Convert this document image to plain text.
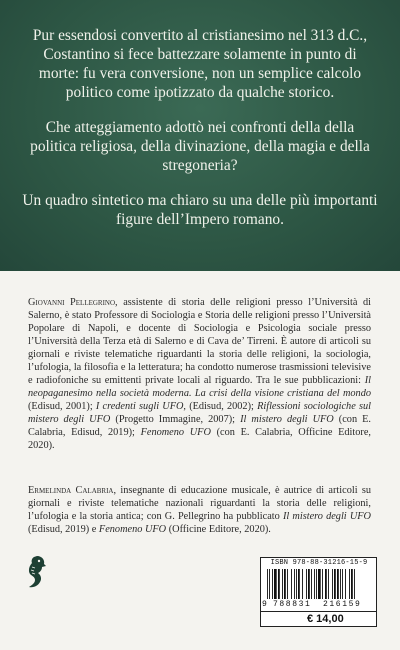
Pur essendosi convertito al cristianesimo nel 313 d.C., Costantino si fece battezzare solamente in punto di morte: fu vera conversione, non un semplice calcolo politico come ipotizzato da qualche storico.

Che atteggiamento adottò nei confronti della della politica religiosa, della divinazione, della magia e della stregoneria?

Un quadro sintetico ma chiaro su una delle più importanti figure dell’Impero romano.

Giovanni Pellegrino, assistente di storia delle religioni presso l’Università di Salerno, è stato Professore di Sociologia e Storia delle religioni presso l’Università Popolare di Napoli, e docente di Sociologia e Psicologia sociale presso l’Università della Terza età di Salerno e di Cava de’ Tirreni. È autore di articoli su giornali e riviste telematiche riguardanti la storia delle religioni, la sociologia, l’ufologia, la filosofia e la letteratura; ha condotto numerose trasmissioni televisive e radiofoniche su emittenti private locali al riguardo. Tra le sue pubblicazioni: Il neopaganesimo nella società moderna. La crisi della visione cristiana del mondo (Edisud, 2001); I credenti sugli UFO, (Edisud, 2002); Riflessioni sociologiche sul mistero degli UFO (Progetto Immagine, 2007); Il mistero degli UFO (con E. Calabria, Edisud, 2019); Fenomeno UFO (con E. Calabria, Officine Editore, 2020).

Ermelinda Calabria, insegnante di educazione musicale, è autrice di articoli su giornali e riviste telematiche nazionali riguardanti la storia delle religioni, l’ufologia e la storia antica; con G. Pellegrino ha pubblicato Il mistero degli UFO (Edisud, 2019) e Fenomeno UFO (Officine Editore, 2020).

ISBN 978-88-31216-15-9
9 788831 216159
€ 14,00
